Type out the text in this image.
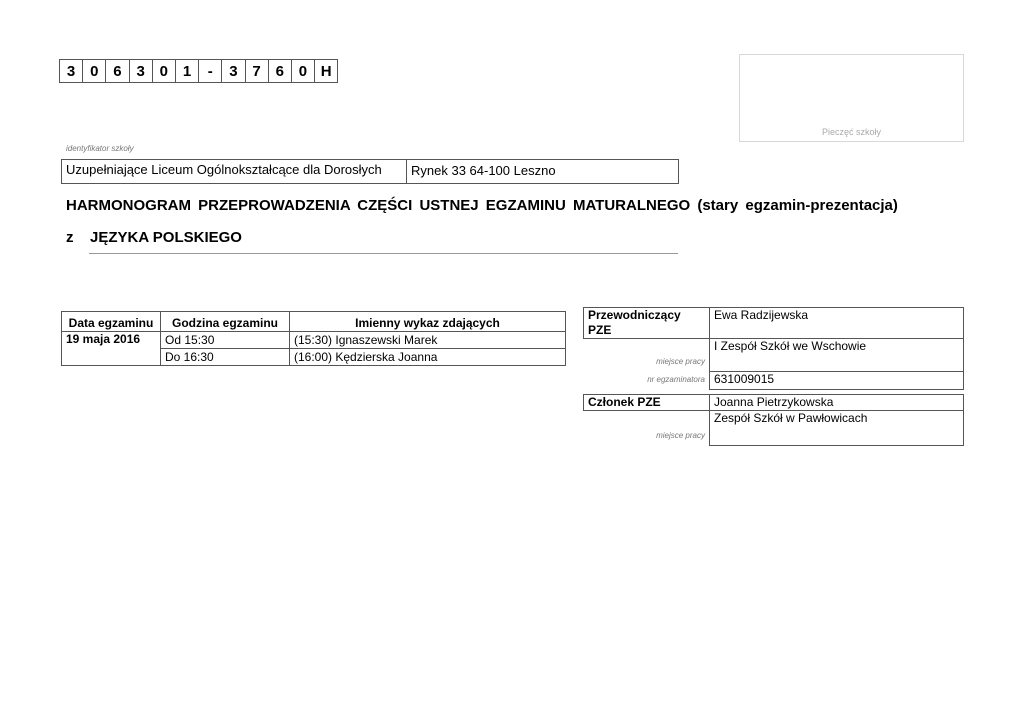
3 0 6 3 0 1	-	3 7 6 0 H
Pieczęć szkoły
identyfikator szkoły
Uzupełniające Liceum Ogólnokształcące dla Dorosłych	Rynek 33 64-100 Leszno
HARMONOGRAM PRZEPROWADZENIA CZĘŚCI USTNEJ EGZAMINU MATURALNEGO (stary egzamin-prezentacja)
z JĘZYKA POLSKIEGO
Data egzaminu	Godzina egzaminu	Imienny wykaz zdających
19 maja 2016	Od 15:30	(15:30) Ignaszewski Marek
	Do 16:30	(16:00) Kędzierska Joanna
Przewodniczący PZE	Ewa Radzijewska
miejsce pracy	I Zespół Szkół we Wschowie
nr egzaminatora	631009015
Członek PZE	Joanna Pietrzykowska
miejsce pracy	Zespół Szkół w Pawłowicach
